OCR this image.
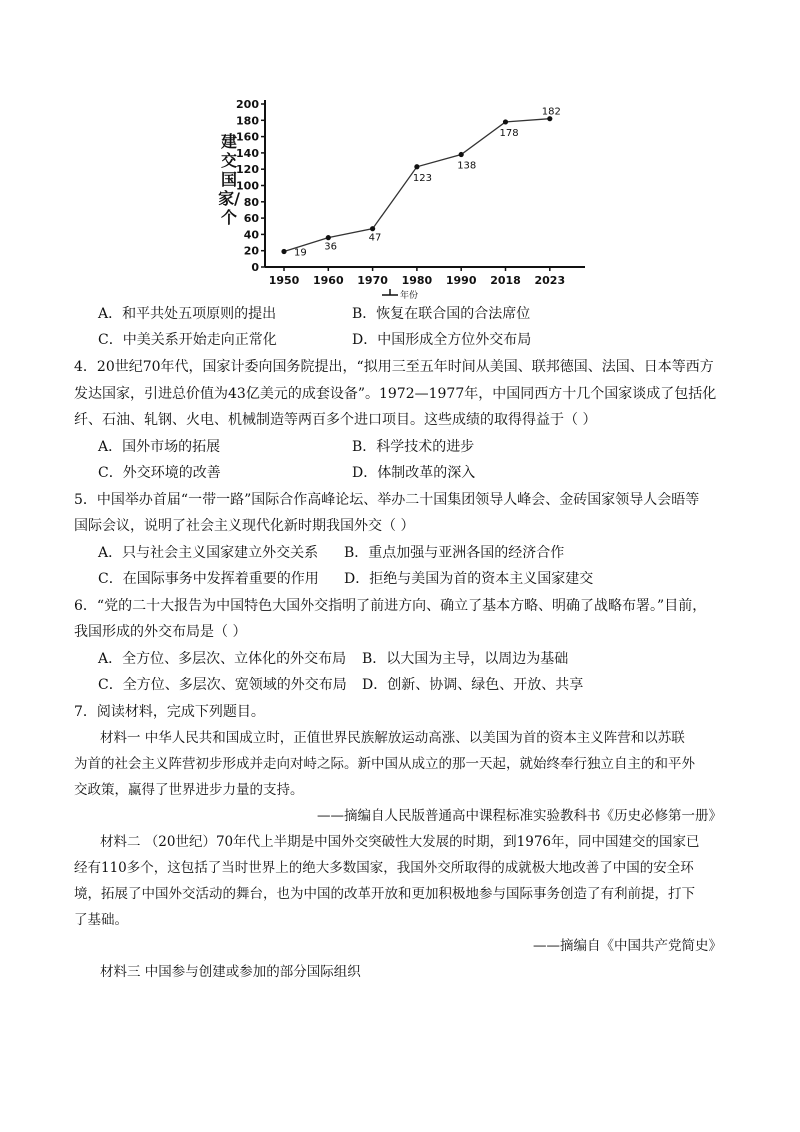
建交国家/个
0
20
40
60
80
100
120
140
160
180
200
1950 1960 1970 1980 1990 2018 2023
年份
19
36
47
123
138
178
182
A．和平共处五项原则的提出	B．恢复在联合国的合法席位
C．中美关系开始走向正常化	D．中国形成全方位外交布局
4．20世纪70年代，国家计委向国务院提出，“拟用三至五年时间从美国、联邦德国、法国、日本等西方
发达国家，引进总价值为43亿美元的成套设备”。1972—1977年，中国同西方十几个国家谈成了包括化
纤、石油、轧钢、火电、机械制造等两百多个进口项目。这些成绩的取得得益于（ ）
A．国外市场的拓展	B．科学技术的进步
C．外交环境的改善	D．体制改革的深入
5．中国举办首届“一带一路”国际合作高峰论坛、举办二十国集团领导人峰会、金砖国家领导人会晤等
国际会议，说明了社会主义现代化新时期我国外交（ ）
A．只与社会主义国家建立外交关系 B．重点加强与亚洲各国的经济合作
C．在国际事务中发挥着重要的作用 D．拒绝与美国为首的资本主义国家建交
6．“党的二十大报告为中国特色大国外交指明了前进方向、确立了基本方略、明确了战略布署。”目前，
我国形成的外交布局是（ ）
A．全方位、多层次、立体化的外交布局 B．以大国为主导，以周边为基础
C．全方位、多层次、宽领域的外交布局 D．创新、协调、绿色、开放、共享
7．阅读材料，完成下列题目。
材料一 中华人民共和国成立时，正值世界民族解放运动高涨、以美国为首的资本主义阵营和以苏联
为首的社会主义阵营初步形成并走向对峙之际。新中国从成立的那一天起，就始终奉行独立自主的和平外
交政策，赢得了世界进步力量的支持。
——摘编自人民版普通高中课程标准实验教科书《历史必修第一册》
材料二 （20世纪）70年代上半期是中国外交突破性大发展的时期，到1976年，同中国建交的国家已
经有110多个，这包括了当时世界上的绝大多数国家，我国外交所取得的成就极大地改善了中国的安全环
境，拓展了中国外交活动的舞台，也为中国的改革开放和更加积极地参与国际事务创造了有利前提，打下
了基础。
——摘编自《中国共产党简史》
材料三 中国参与创建或参加的部分国际组织
